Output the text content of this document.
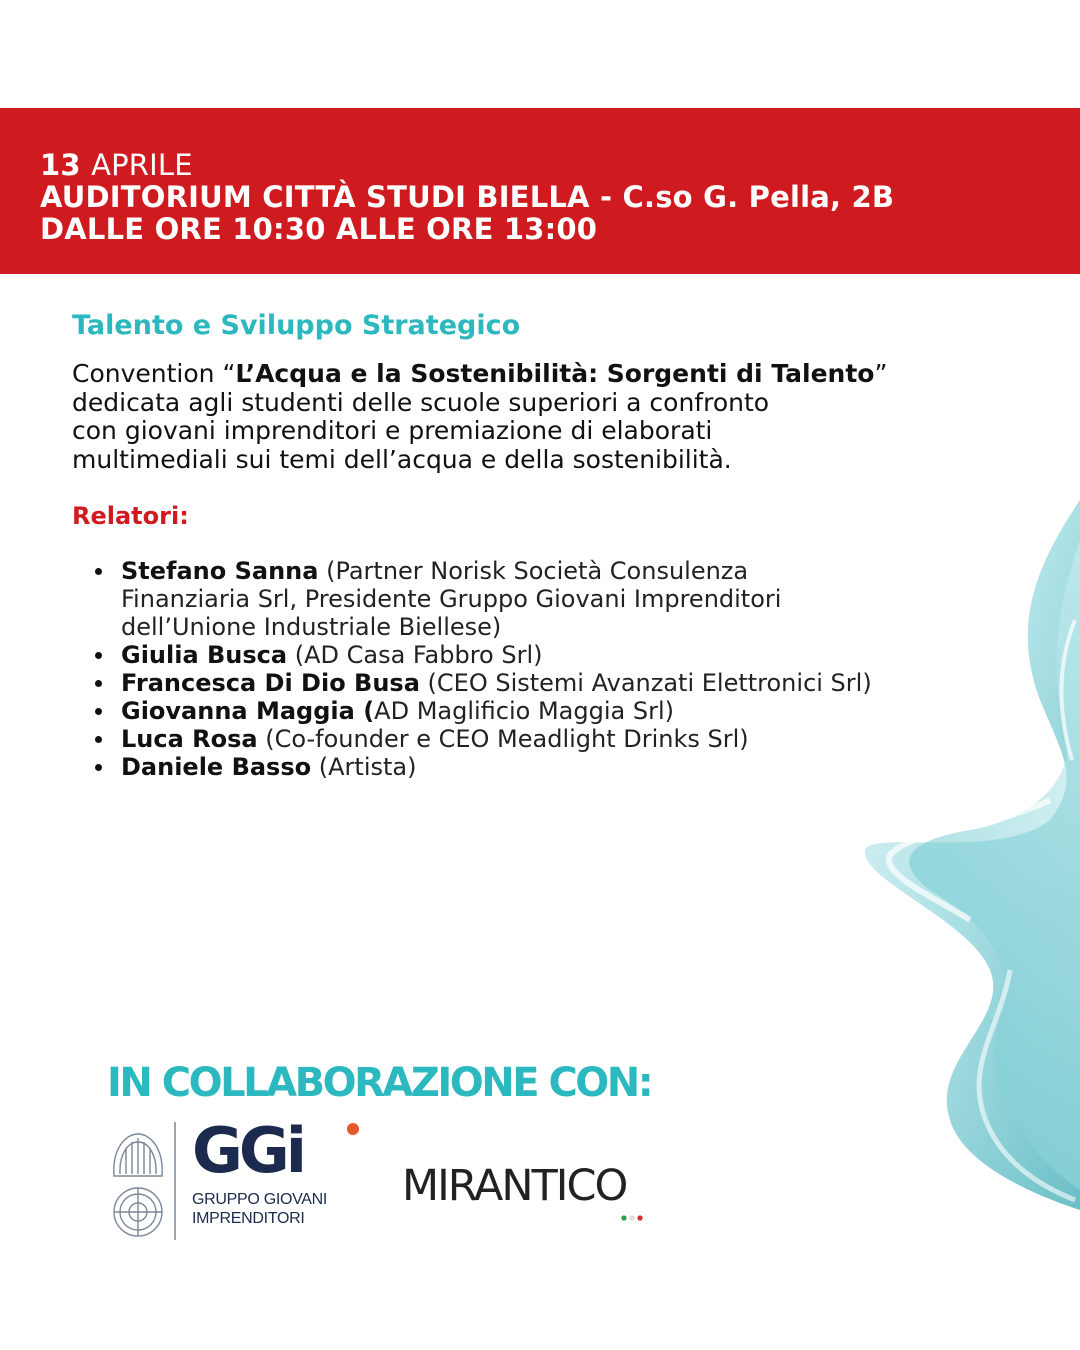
13 APRILE
AUDITORIUM CITTÀ STUDI BIELLA - C.so G. Pella, 2B
DALLE ORE 10:30 ALLE ORE 13:00
Talento e Sviluppo Strategico
Convention “L’Acqua e la Sostenibilità: Sorgenti di Talento”
dedicata agli studenti delle scuole superiori a confronto
con giovani imprenditori e premiazione di elaborati
multimediali sui temi dell’acqua e della sostenibilità.
Relatori:
Stefano Sanna (Partner Norisk Società Consulenza
Finanziaria Srl, Presidente Gruppo Giovani Imprenditori
dell’Unione Industriale Biellese)
Giulia Busca (AD Casa Fabbro Srl)
Francesca Di Dio Busa (CEO Sistemi Avanzati Elettronici Srl)
Giovanna Maggia (AD Maglificio Maggia Srl)
Luca Rosa (Co-founder e CEO Meadlight Drinks Srl)
Daniele Basso (Artista)
IN COLLABORAZIONE CON:
GGi
GRUPPO GIOVANI
IMPRENDITORI
MIRANTICO
